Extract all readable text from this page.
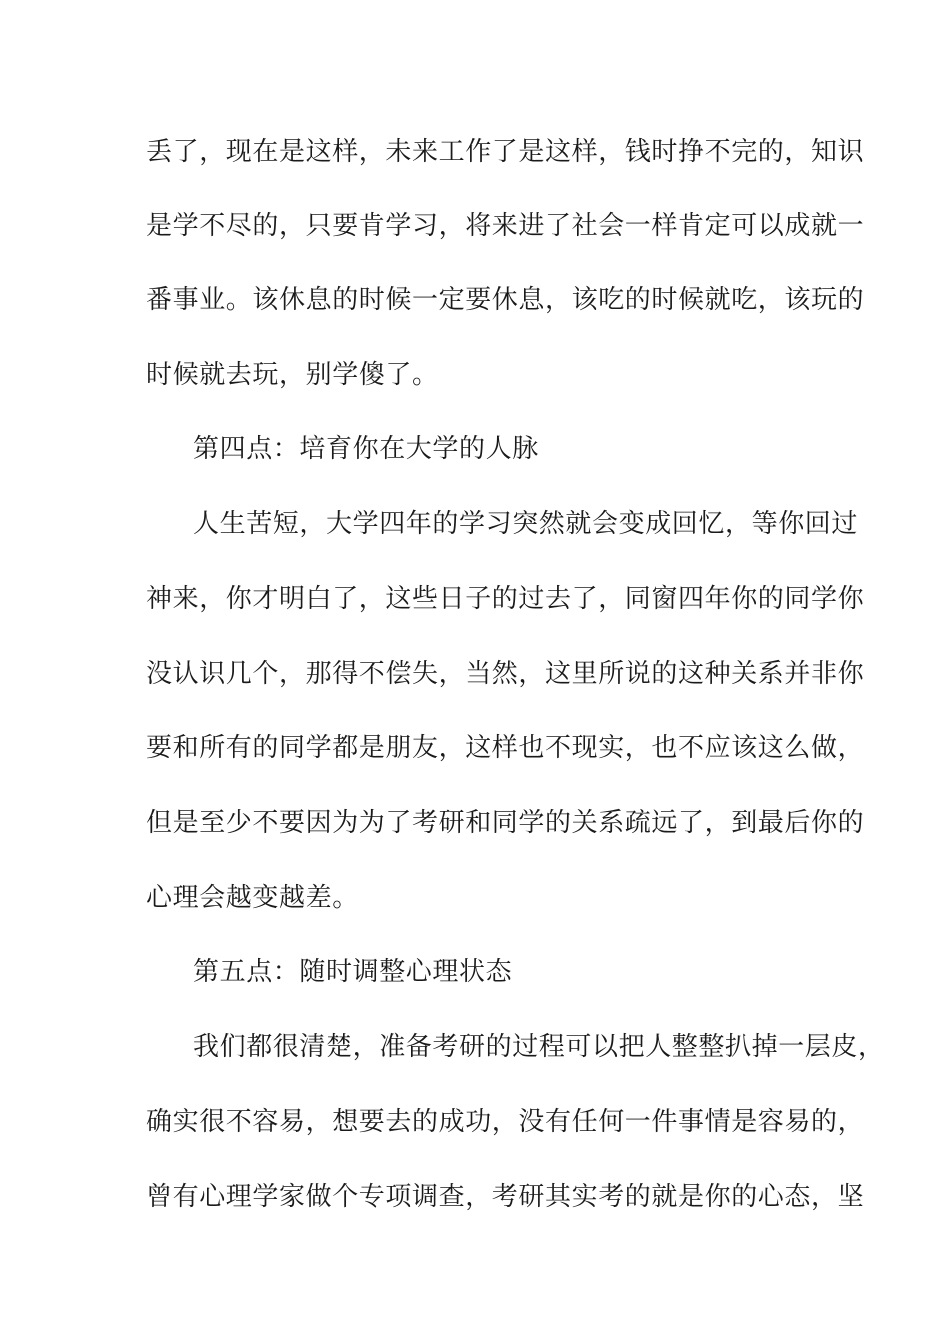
丢了，现在是这样，未来工作了是这样，钱时挣不完的，知识
是学不尽的，只要肯学习，将来进了社会一样肯定可以成就一
番事业。该休息的时候一定要休息，该吃的时候就吃，该玩的
时候就去玩，别学傻了。
第四点：培育你在大学的人脉
人生苦短，大学四年的学习突然就会变成回忆，等你回过
神来，你才明白了，这些日子的过去了，同窗四年你的同学你
没认识几个，那得不偿失，当然，这里所说的这种关系并非你
要和所有的同学都是朋友，这样也不现实，也不应该这么做，
但是至少不要因为为了考研和同学的关系疏远了，到最后你的
心理会越变越差。
第五点：随时调整心理状态
我们都很清楚，准备考研的过程可以把人整整扒掉一层皮，
确实很不容易，想要去的成功，没有任何一件事情是容易的，
曾有心理学家做个专项调查，考研其实考的就是你的心态，坚
